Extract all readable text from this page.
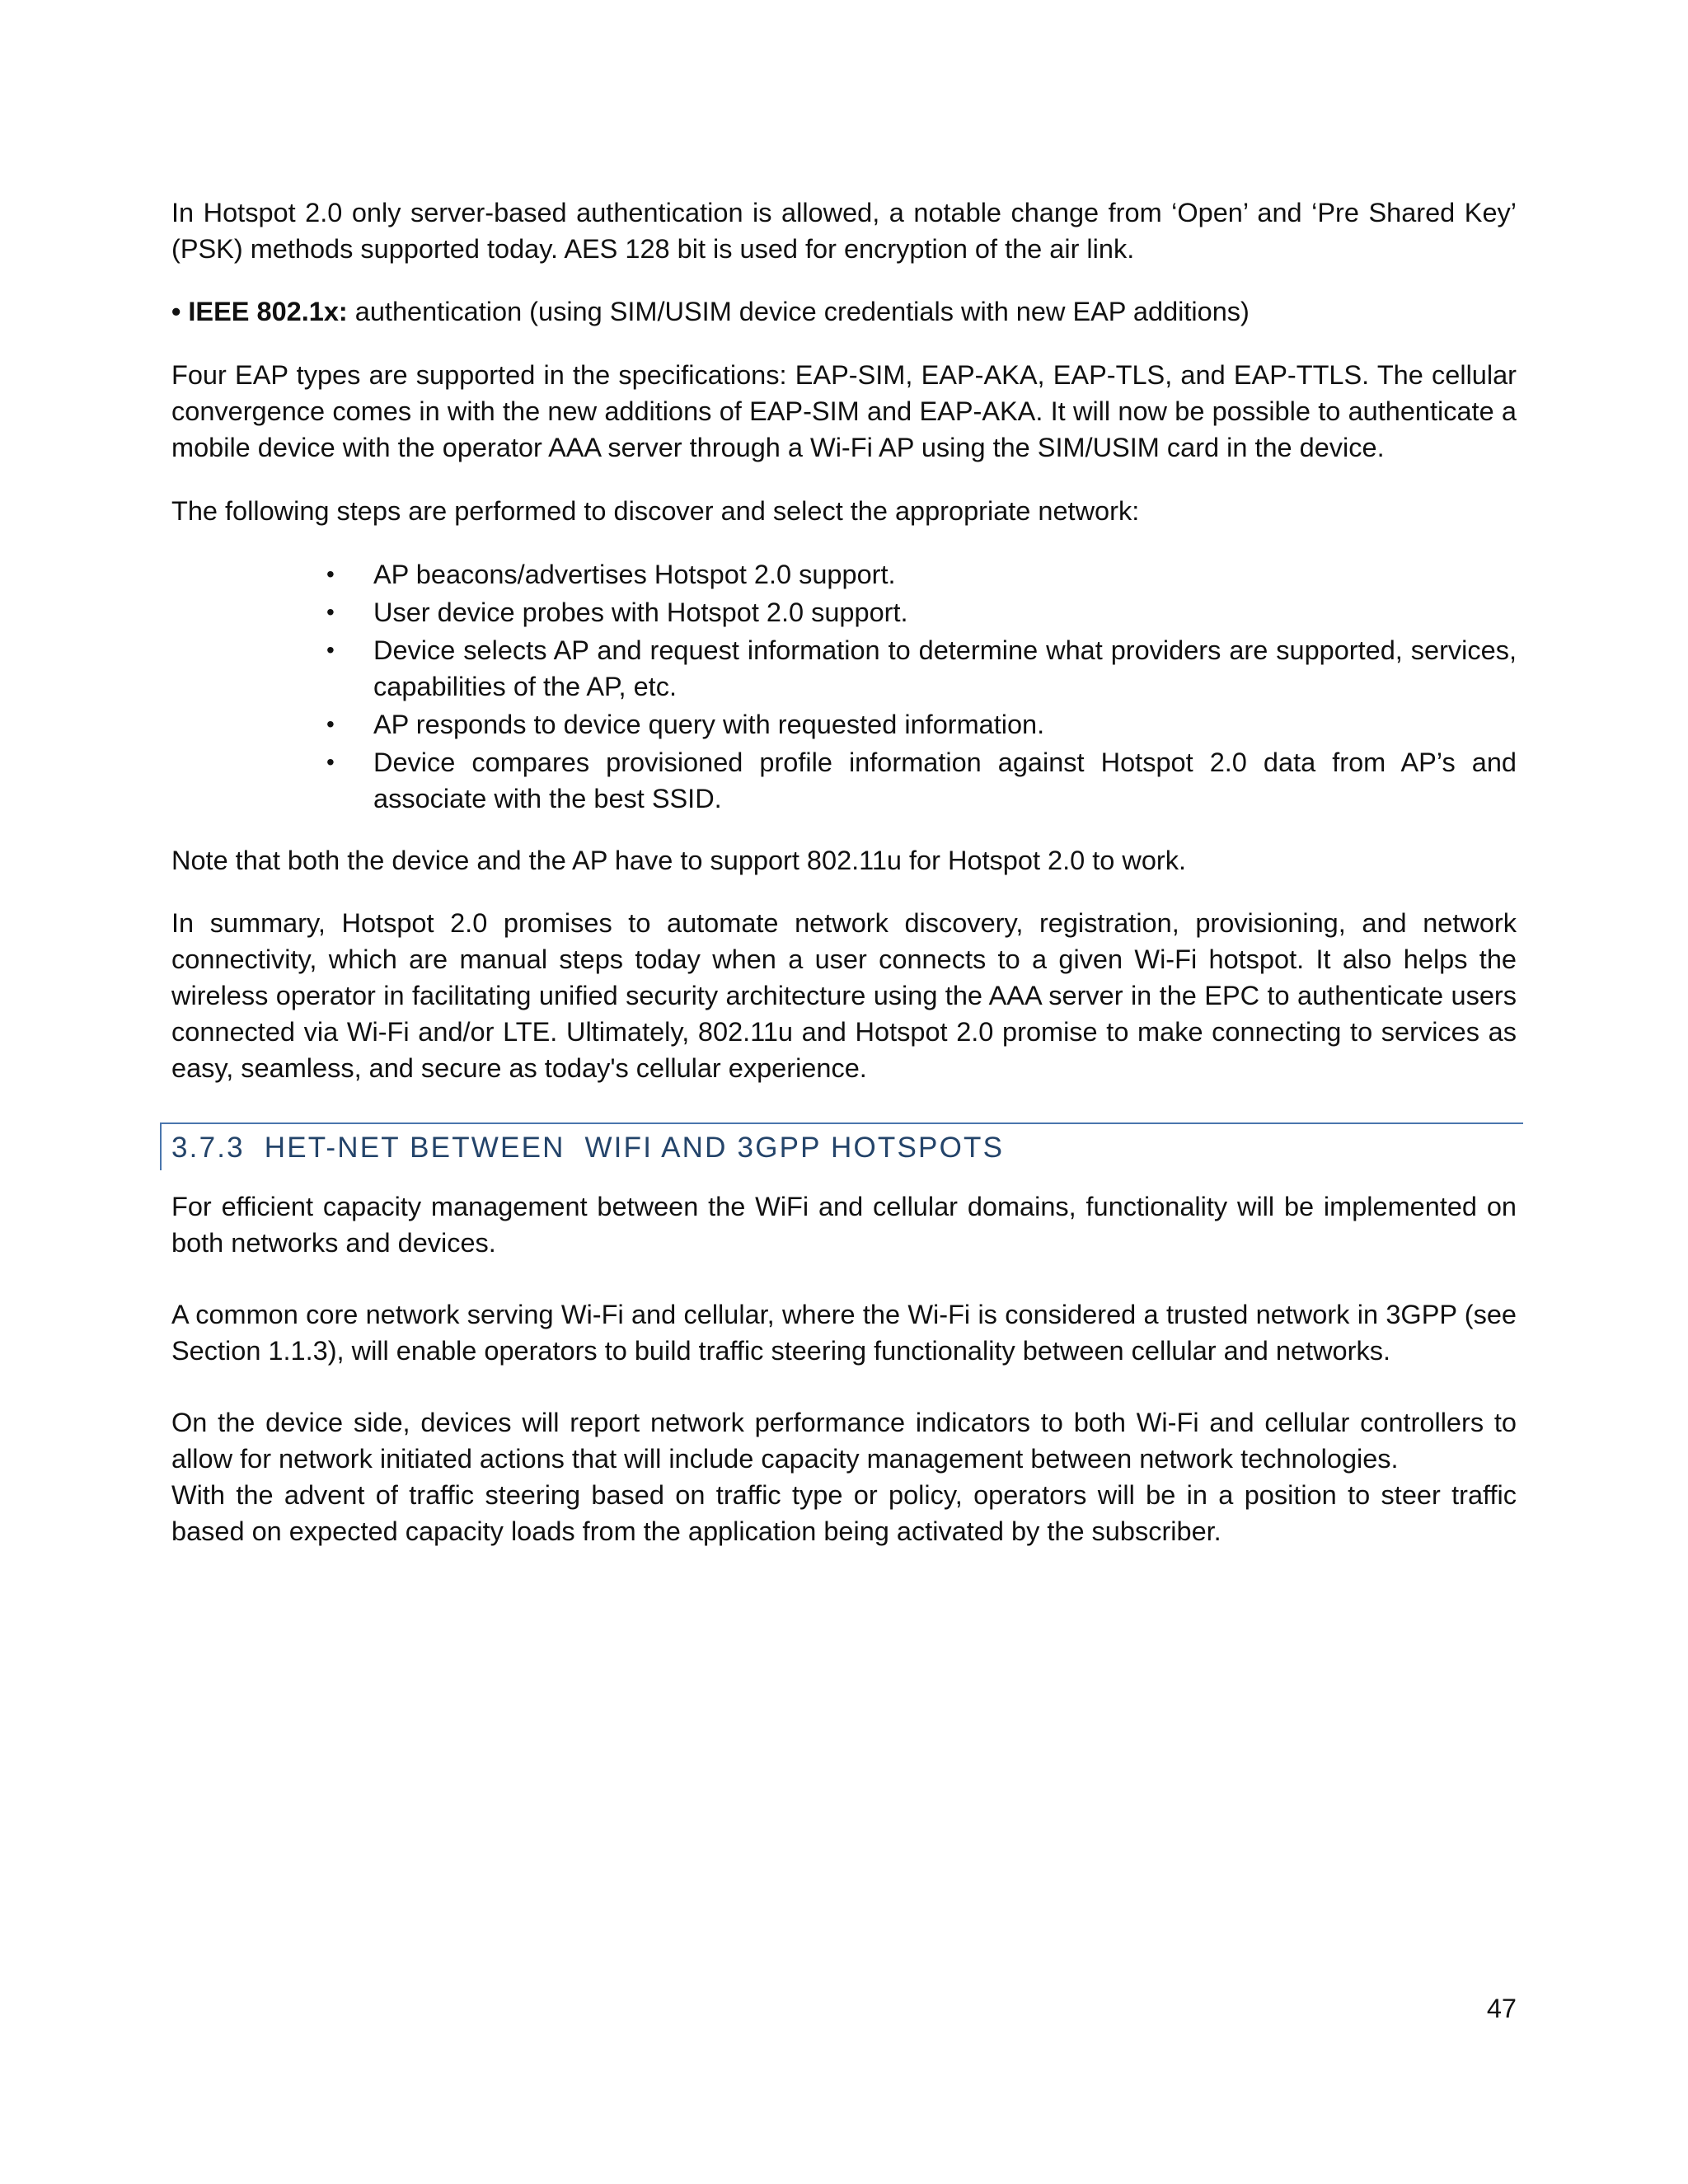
In Hotspot 2.0 only server-based authentication is allowed, a notable change from ‘Open’ and ‘Pre Shared Key’ (PSK) methods supported today. AES 128 bit is used for encryption of the air link.

• IEEE 802.1x: authentication (using SIM/USIM device credentials with new EAP additions)

Four EAP types are supported in the specifications: EAP-SIM, EAP-AKA, EAP-TLS, and EAP-TTLS. The cellular convergence comes in with the new additions of EAP-SIM and EAP-AKA. It will now be possible to authenticate a mobile device with the operator AAA server through a Wi-Fi AP using the SIM/USIM card in the device.

The following steps are performed to discover and select the appropriate network:

• AP beacons/advertises Hotspot 2.0 support.
• User device probes with Hotspot 2.0 support.
• Device selects AP and request information to determine what providers are supported, services, capabilities of the AP, etc.
• AP responds to device query with requested information.
• Device compares provisioned profile information against Hotspot 2.0 data from AP’s and associate with the best SSID.

Note that both the device and the AP have to support 802.11u for Hotspot 2.0 to work.

In summary, Hotspot 2.0 promises to automate network discovery, registration, provisioning, and network connectivity, which are manual steps today when a user connects to a given Wi-Fi hotspot. It also helps the wireless operator in facilitating unified security architecture using the AAA server in the EPC to authenticate users connected via Wi-Fi and/or LTE. Ultimately, 802.11u and Hotspot 2.0 promise to make connecting to services as easy, seamless, and secure as today's cellular experience.

3.7.3 HET-NET BETWEEN  WIFI AND 3GPP HOTSPOTS

For efficient capacity management between the WiFi and cellular domains, functionality will be implemented on both networks and devices.

A common core network serving Wi-Fi and cellular, where the Wi-Fi is considered a trusted network in 3GPP (see Section 1.1.3), will enable operators to build traffic steering functionality between cellular and networks.

On the device side, devices will report network performance indicators to both Wi-Fi and cellular controllers to allow for network initiated actions that will include capacity management between network technologies.

With the advent of traffic steering based on traffic type or policy, operators will be in a position to steer traffic based on expected capacity loads from the application being activated by the subscriber.

47
